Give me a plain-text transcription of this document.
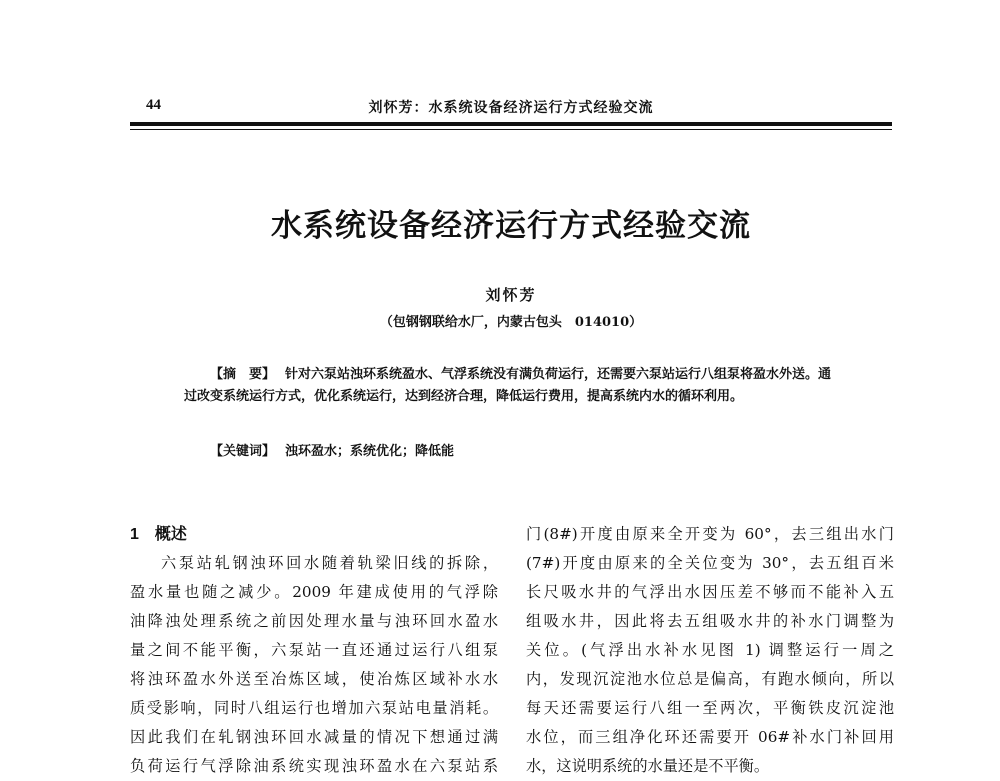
44	刘怀芳：水系统设备经济运行方式经验交流
水系统设备经济运行方式经验交流
刘怀芳
（包钢钢联给水厂，内蒙古包头　014010）

【摘　要】 针对六泵站浊环系统盈水、气浮系统没有满负荷运行，还需要六泵站运行八组泵将盈水外送。通过改变系统运行方式，优化系统运行，达到经济合理，降低运行费用，提高系统内水的循环利用。

【关键词】 浊环盈水；系统优化；降低能

1 概述
六泵站轧钢浊环回水随着轨梁旧线的拆除，
盈水量也随之减少。2009 年建成使用的气浮除
油降浊处理系统之前因处理水量与浊环回水盈水
量之间不能平衡，六泵站一直还通过运行八组泵
将浊环盈水外送至冶炼区域，使冶炼区域补水水
质受影响，同时八组运行也增加六泵站电量消耗。
因此我们在轧钢浊环回水减量的情况下想通过满
负荷运行气浮除油系统实现浊环盈水在六泵站系
门(8#)开度由原来全开变为 60°，去三组出水门
(7#)开度由原来的全关位变为 30°，去五组百米
长尺吸水井的气浮出水因压差不够而不能补入五
组吸水井，因此将去五组吸水井的补水门调整为
关位。(气浮出水补水见图 1) 调整运行一周之
内，发现沉淀池水位总是偏高，有跑水倾向，所以
每天还需要运行八组一至两次，平衡铁皮沉淀池
水位，而三组净化环还需要开 06#补水门补回用
水，这说明系统的水量还是不平衡。
